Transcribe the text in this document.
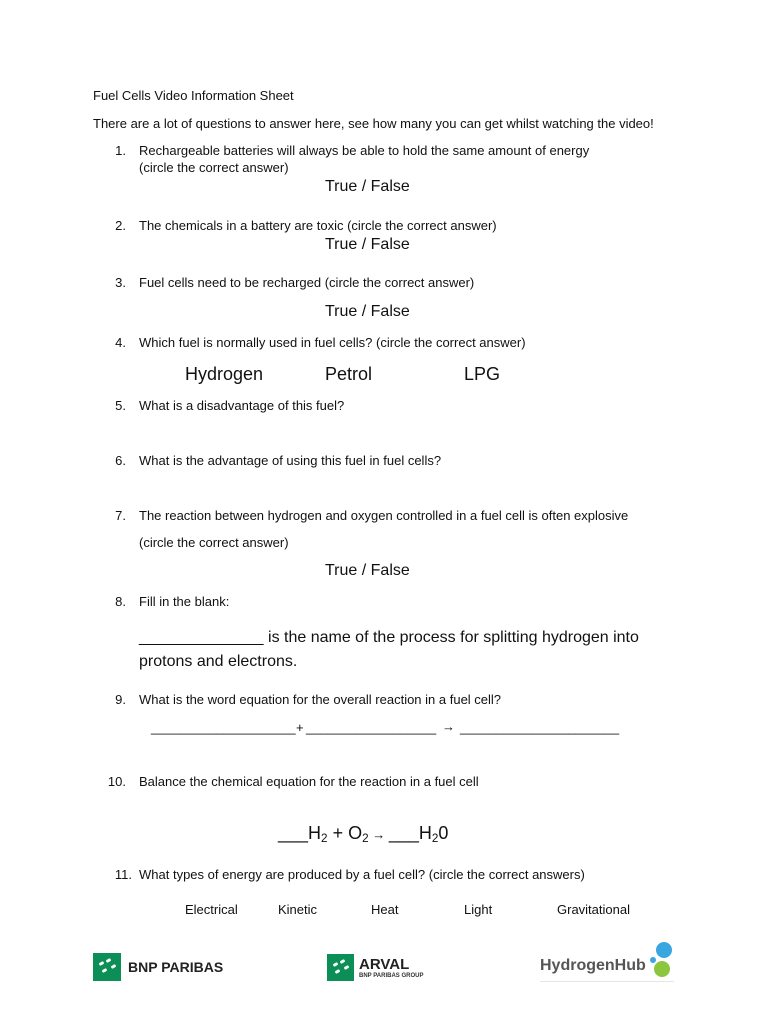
Fuel Cells Video Information Sheet
There are a lot of questions to answer here, see how many you can get whilst watching the video!
1. Rechargeable batteries will always be able to hold the same amount of energy
(circle the correct answer)
True / False
2. The chemicals in a battery are toxic (circle the correct answer)
True / False
3. Fuel cells need to be recharged (circle the correct answer)
True / False
4. Which fuel is normally used in fuel cells? (circle the correct answer)
Hydrogen	Petrol	LPG
5. What is a disadvantage of this fuel?
6. What is the advantage of using this fuel in fuel cells?
7. The reaction between hydrogen and oxygen controlled in a fuel cell is often explosive
(circle the correct answer)
True / False
8. Fill in the blank:
______________ is the name of the process for splitting hydrogen into
protons and electrons.
9. What is the word equation for the overall reaction in a fuel cell?
____________________ + __________________ → ______________________
10. Balance the chemical equation for the reaction in a fuel cell
$\_\_\_H_2 + O_2$ → $\_\_\_H_20$
11. What types of energy are produced by a fuel cell? (circle the correct answers)
Electrical	Kinetic	Heat	Light	Gravitational
BNP PARIBAS	ARVAL
BNP PARIBAS GROUP
HydrogenHub
